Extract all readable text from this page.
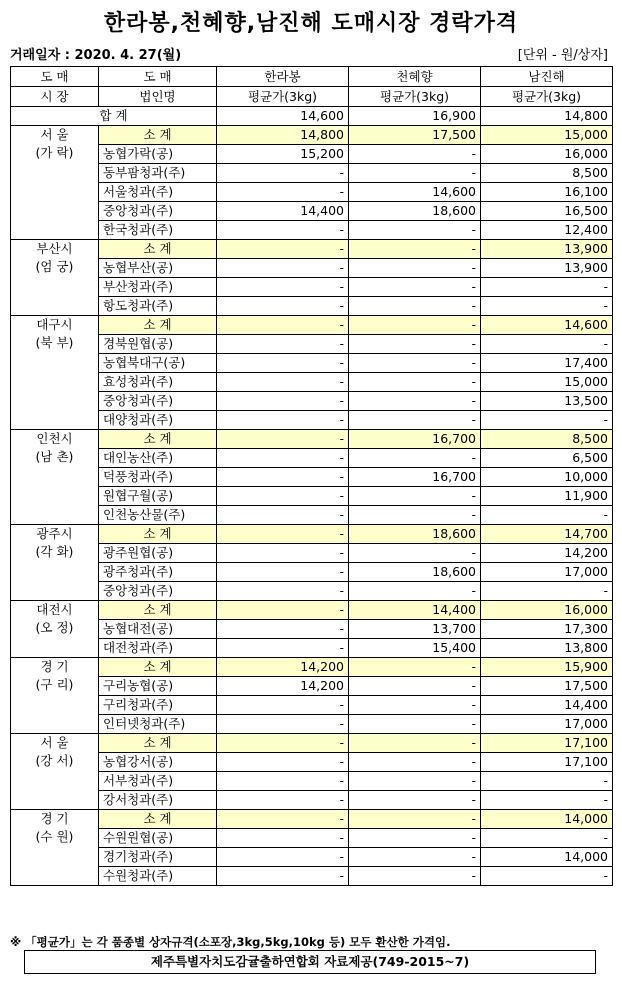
한라봉,천혜향,남진해 도매시장 경락가격
거래일자 : 2020. 4. 27(월)	[단위 - 원/상자]
도 매	도 매	한라봉	천혜향	남진해
시 장	법인명	평균가(3kg)	평균가(3kg)	평균가(3kg)
합 계		14,600	16,900	14,800

서 울
(가 락)	소 계	14,800	17,500	15,000
	농협가락(공)	15,200	-	16,000
	동부팜청과(주)	-	-	8,500
	서울청과(주)	-	14,600	16,100
	중앙청과(주)	14,400	18,600	16,500
	한국청과(주)	-	-	12,400

부산시
(엄 궁)	소 계	-	-	13,900
	농협부산(공)	-	-	13,900
	부산청과(주)	-	-	-
	항도청과(주)	-	-	-

대구시
(북 부)	소 계	-	-	14,600
	경북원협(공)	-	-	-
	농협북대구(공)	-	-	17,400
	효성청과(주)	-	-	15,000
	중앙청과(주)	-	-	13,500
	대양청과(주)	-	-	-

인천시
(남 촌)	소 계	-	16,700	8,500
	대인농산(주)	-	-	6,500
	덕풍청과(주)	-	16,700	10,000
	원협구월(공)	-	-	11,900
	인천농산물(주)	-	-	-

광주시
(각 화)	소 계	-	18,600	14,700
	광주원협(공)	-	-	14,200
	광주청과(주)	-	18,600	17,000
	중앙청과(주)	-	-	-

대전시
(오 정)	소 계	-	14,400	16,000
	농협대전(공)	-	13,700	17,300
	대전청과(주)	-	15,400	13,800

경 기
(구 리)	소 계	14,200	-	15,900
	구리농협(공)	14,200	-	17,500
	구리청과(주)	-	-	14,400
	인터넷청과(주)	-	-	17,000

서 울
(강 서)	소 계	-	-	17,100
	농협강서(공)	-	-	17,100
	서부청과(주)	-	-	-
	강서청과(주)	-	-	-

경 기
(수 원)	소 계	-	-	14,000
	수원원협(공)	-	-	-
	경기청과(주)	-	-	14,000
	수원청과(주)	-	-	-
※ 「평균가」는 각 품종별 상자규격(소포장,3kg,5kg,10kg 등) 모두 환산한 가격임.
제주특별자치도감귤출하연합회 자료제공(749-2015~7)
